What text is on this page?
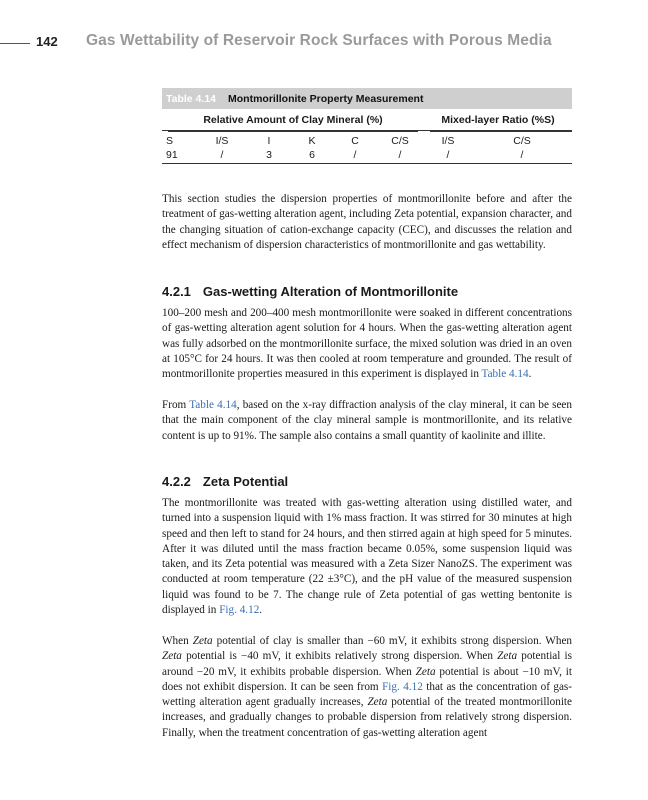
142 Gas Wettability of Reservoir Rock Surfaces with Porous Media
Table 4.14 Montmorillonite Property Measurement
Relative Amount of Clay Mineral (%)	Mixed-layer Ratio (%S)
S	I/S	I	K	C	C/S	I/S	C/S
91	/	3	6	/	/	/	/

This section studies the dispersion properties of montmorillonite before and after the treatment of gas-wetting alteration agent, including Zeta potential, expansion character, and the changing situation of cation-exchange capacity (CEC), and discusses the relation and effect mechanism of dispersion characteristics of montmorillonite and gas wettability.

4.2.1 Gas-wetting Alteration of Montmorillonite

100–200 mesh and 200–400 mesh montmorillonite were soaked in different concentrations of gas-wetting alteration agent solution for 4 hours. When the gas-wetting alteration agent was fully adsorbed on the montmorillonite surface, the mixed solution was dried in an oven at 105°C for 24 hours. It was then cooled at room temperature and grounded. The result of montmorillonite properties measured in this experiment is displayed in Table 4.14.

From Table 4.14, based on the x-ray diffraction analysis of the clay mineral, it can be seen that the main component of the clay mineral sample is montmorillonite, and its relative content is up to 91%. The sample also contains a small quantity of kaolinite and illite.

4.2.2 Zeta Potential

The montmorillonite was treated with gas-wetting alteration using distilled water, and turned into a suspension liquid with 1% mass fraction. It was stirred for 30 minutes at high speed and then left to stand for 24 hours, and then stirred again at high speed for 5 minutes. After it was diluted until the mass fraction became 0.05%, some suspension liquid was taken, and its Zeta potential was measured with a Zeta Sizer NanoZS. The experiment was conducted at room temperature (22 ±3°C), and the pH value of the measured suspension liquid was found to be 7. The change rule of Zeta potential of gas wetting bentonite is displayed in Fig. 4.12.

When Zeta potential of clay is smaller than −60 mV, it exhibits strong dispersion. When Zeta potential is −40 mV, it exhibits relatively strong dispersion. When Zeta potential is around −20 mV, it exhibits probable dispersion. When Zeta potential is about −10 mV, it does not exhibit dispersion. It can be seen from Fig. 4.12 that as the concentration of gas-wetting alteration agent gradually increases, Zeta potential of the treated montmorillonite increases, and gradually changes to probable dispersion from relatively strong dispersion. Finally, when the treatment concentration of gas-wetting alteration agent
